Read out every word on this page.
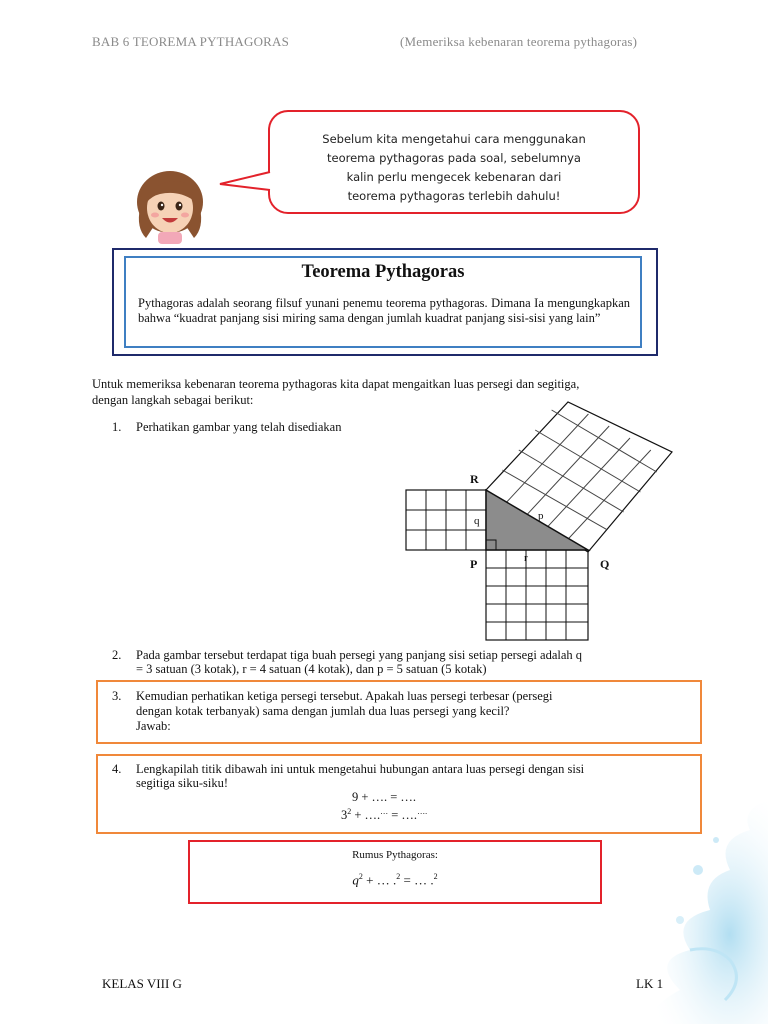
BAB 6 TEOREMA PYTHAGORAS	(Memeriksa kebenaran teorema pythagoras)
Sebelum kita mengetahui cara menggunakan
teorema pythagoras pada soal, sebelumnya
kalin perlu mengecek kebenaran dari
teorema pythagoras terlebih dahulu!
Teorema Pythagoras
Pythagoras adalah seorang filsuf yunani penemu teorema pythagoras. Dimana Ia mengungkapkan bahwa “kuadrat panjang sisi miring sama dengan jumlah kuadrat panjang sisi-sisi yang lain”
Untuk memeriksa kebenaran teorema pythagoras kita dapat mengaitkan luas persegi dan segitiga,
dengan langkah sebagai berikut:
1. Perhatikan gambar yang telah disediakan
R
P	Q
q
r
p
2. Pada gambar tersebut terdapat tiga buah persegi yang panjang sisi setiap persegi adalah q
= 3 satuan (3 kotak), r = 4 satuan (4 kotak), dan p = 5 satuan (5 kotak)
3. Kemudian perhatikan ketiga persegi tersebut. Apakah luas persegi terbesar (persegi
dengan kotak terbanyak) sama dengan jumlah dua luas persegi yang kecil?
Jawab:
4. Lengkapilah titik dibawah ini untuk mengetahui hubungan antara luas persegi dengan sisi
segitiga siku-siku!
9 + …. = ….
$3^2$ + ….… = ….….
Rumus Pythagoras:
$q^2$ + … .$^2$ = … .$^2$
KELAS VIII G	LK 1
